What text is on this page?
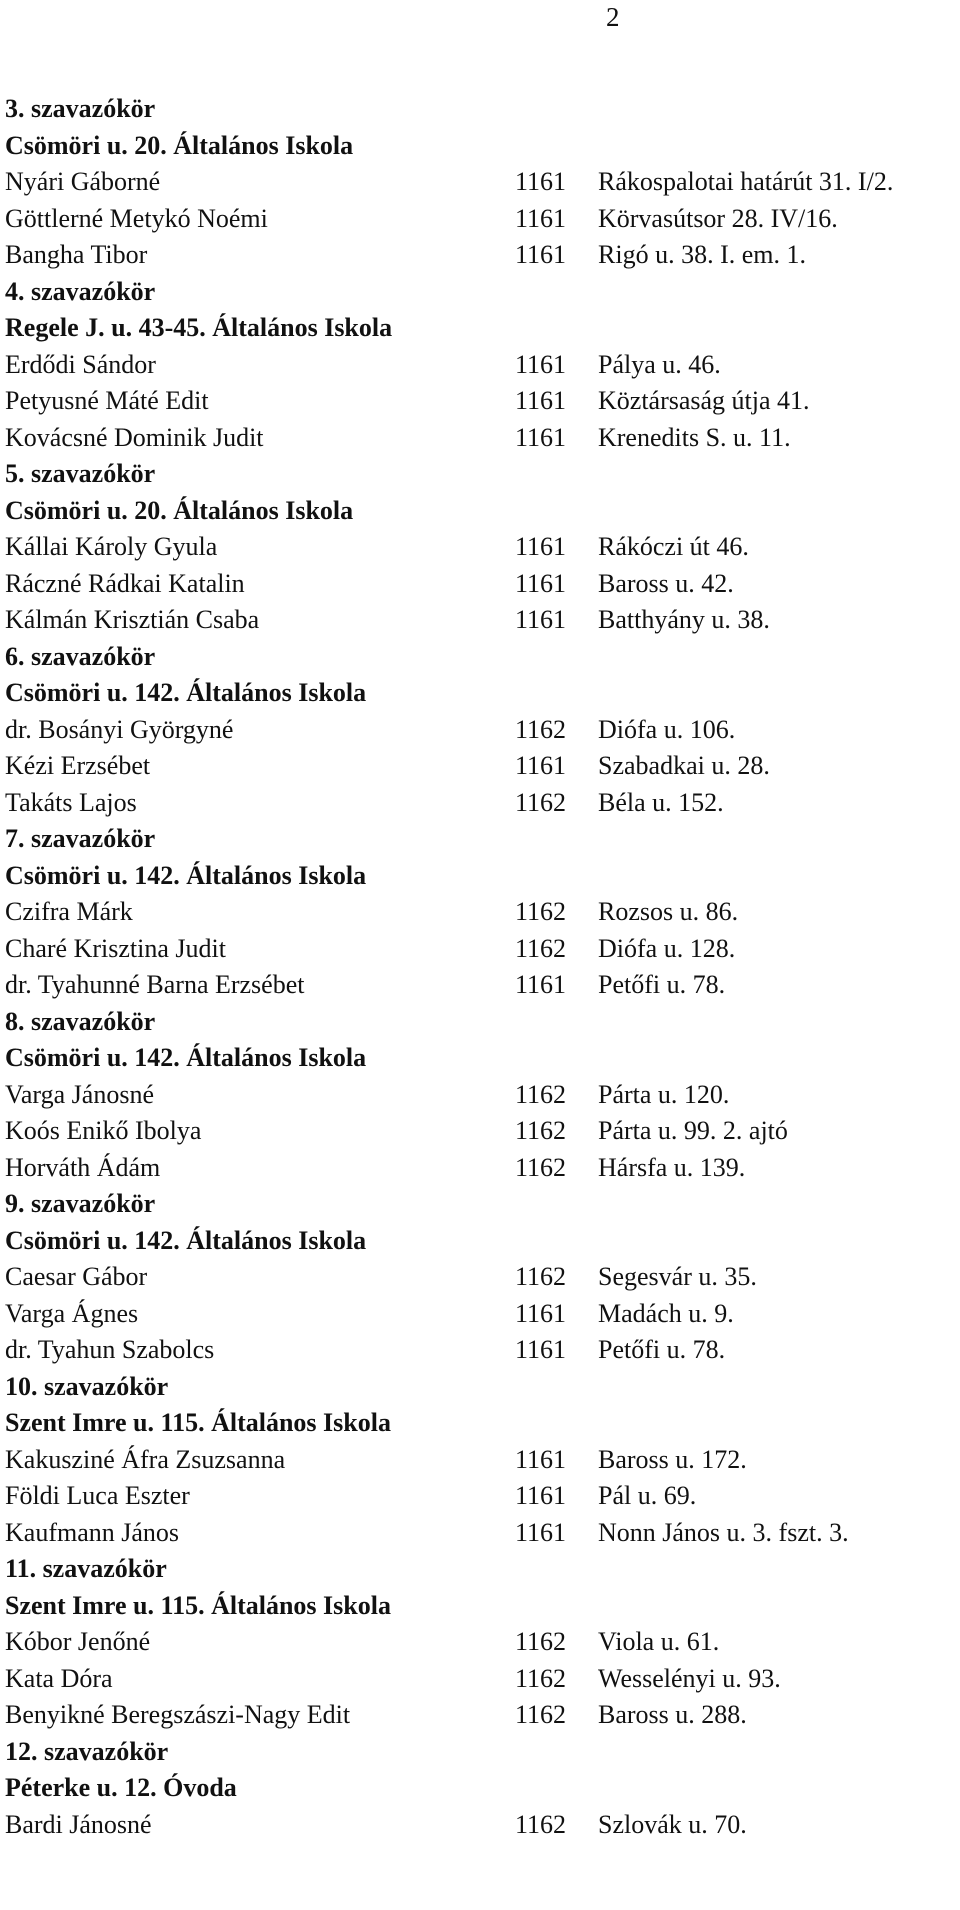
2
3. szavazókör
Csömöri u. 20. Általános Iskola
Nyári Gáborné	1161 Rákospalotai határút 31. I/2.
Göttlerné Metykó Noémi	1161 Körvasútsor 28. IV/16.
Bangha Tibor	1161 Rigó u. 38. I. em. 1.
4. szavazókör
Regele J. u. 43-45. Általános Iskola
Erdődi Sándor	1161 Pálya u. 46.
Petyusné Máté Edit	1161 Köztársaság útja 41.
Kovácsné Dominik Judit	1161 Krenedits S. u. 11.
5. szavazókör
Csömöri u. 20. Általános Iskola
Kállai Károly Gyula	1161 Rákóczi út 46.
Ráczné Rádkai Katalin	1161 Baross u. 42.
Kálmán Krisztián Csaba	1161 Batthyány u. 38.
6. szavazókör
Csömöri u. 142. Általános Iskola
dr. Bosányi Györgyné	1162 Diófa u. 106.
Kézi Erzsébet	1161 Szabadkai u. 28.
Takáts Lajos	1162 Béla u. 152.
7. szavazókör
Csömöri u. 142. Általános Iskola
Czifra Márk	1162 Rozsos u. 86.
Charé Krisztina Judit	1162 Diófa u. 128.
dr. Tyahunné Barna Erzsébet	1161 Petőfi u. 78.
8. szavazókör
Csömöri u. 142. Általános Iskola
Varga Jánosné	1162 Párta u. 120.
Koós Enikő Ibolya	1162 Párta u. 99. 2. ajtó
Horváth Ádám	1162 Hársfa u. 139.
9. szavazókör
Csömöri u. 142. Általános Iskola
Caesar Gábor	1162 Segesvár u. 35.
Varga Ágnes	1161 Madách u. 9.
dr. Tyahun Szabolcs	1161 Petőfi u. 78.
10. szavazókör
Szent Imre u. 115. Általános Iskola
Kakusziné Áfra Zsuzsanna	1161 Baross u. 172.
Földi Luca Eszter	1161 Pál u. 69.
Kaufmann János	1161 Nonn János u. 3. fszt. 3.
11. szavazókör
Szent Imre u. 115. Általános Iskola
Kóbor Jenőné	1162 Viola u. 61.
Kata Dóra	1162 Wesselényi u. 93.
Benyikné Beregszászi-Nagy Edit	1162 Baross u. 288.
12. szavazókör
Péterke u. 12. Óvoda
Bardi Jánosné	1162 Szlovák u. 70.
